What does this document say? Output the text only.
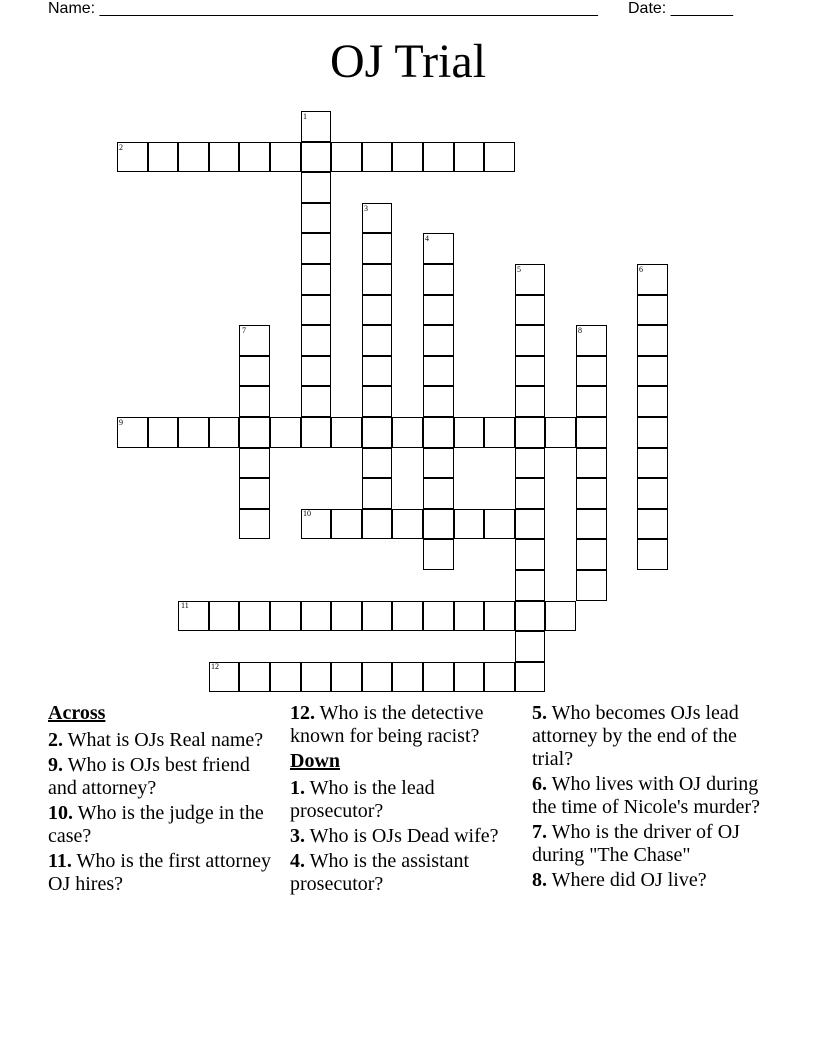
Name: ________________________________________________________ Date: _______
OJ Trial
1
2
3
4
5	6
7	8
9
10
11
12
Across
2. What is OJs Real name?
9. Who is OJs best friend and attorney?
10. Who is the judge in the case?
11. Who is the first attorney OJ hires?
12. Who is the detective known for being racist?
Down
1. Who is the lead prosecutor?
3. Who is OJs Dead wife?
4. Who is the assistant prosecutor?
5. Who becomes OJs lead attorney by the end of the trial?
6. Who lives with OJ during the time of Nicole's murder?
7. Who is the driver of OJ during "The Chase"
8. Where did OJ live?
